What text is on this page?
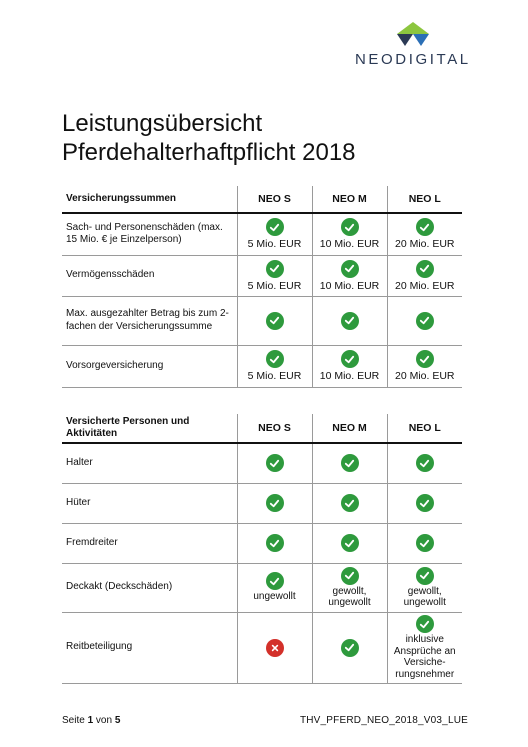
NEODIGITAL
Leistungsübersicht
Pferdehalterhaftpflicht 2018
Versicherungssummen	NEO S	NEO M	NEO L
Sach- und Personenschäden (max. 15 Mio. € je Einzelperson)	5 Mio. EUR	10 Mio. EUR	20 Mio. EUR

Vermögensschäden	5 Mio. EUR	10 Mio. EUR	20 Mio. EUR

Max. ausgezahlter Betrag bis zum 2-fachen der Versicherungssumme	

Vorsorgeversicherung	5 Mio. EUR	10 Mio. EUR	20 Mio. EUR
Versicherte Personen und Aktivitäten	NEO S	NEO M	NEO L
Halter	

Hüter	

Fremdreiter	

Deckakt (Deckschäden)	ungewollt	gewollt, ungewollt	gewollt, ungewollt

Reitbeteiligung			inklusive Ansprüche an Versiche- rungsnehmer
Seite 1 von 5	THV_PFERD_NEO_2018_V03_LUE
